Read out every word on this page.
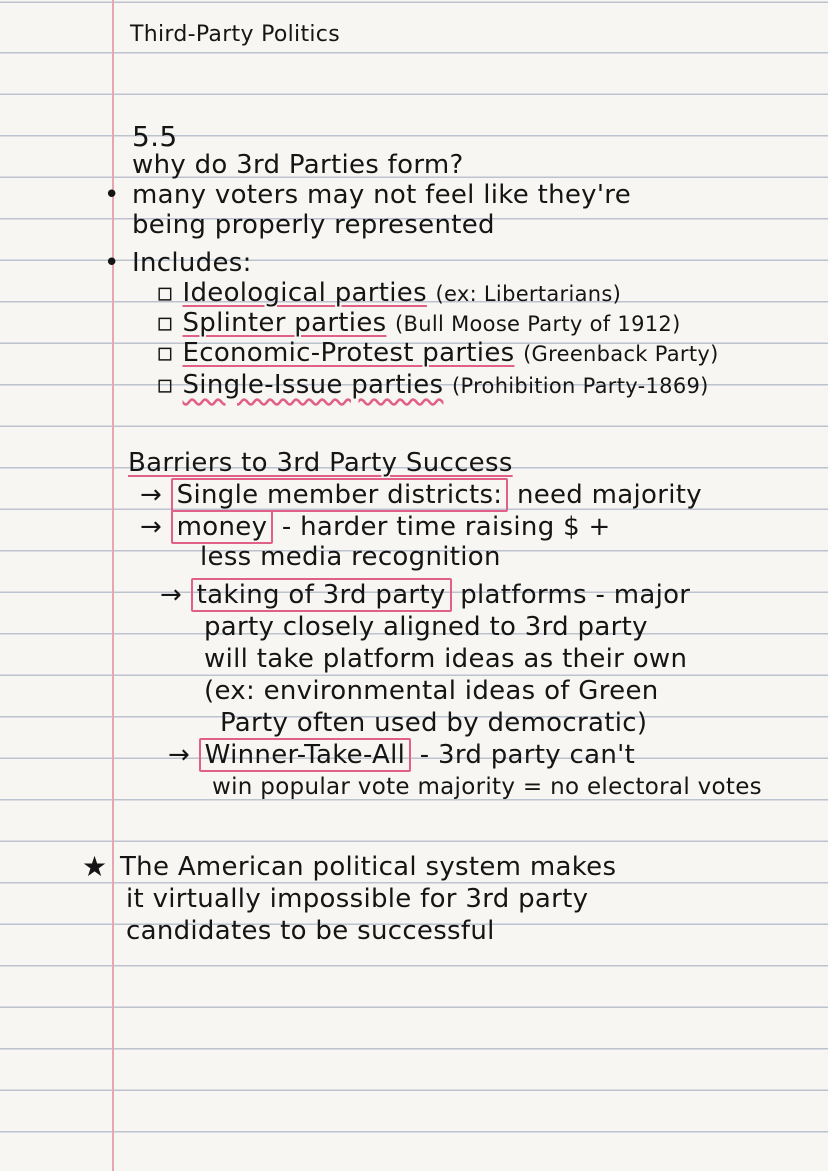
Third-Party Politics
5.5
why do 3rd Parties form?
• many voters may not feel like they're
being properly represented
• Includes:
▫ Ideological parties (ex: Libertarians)
▫ Splinter parties (Bull Moose Party of 1912)
▫ Economic-Protest parties (Greenback Party)
▫ Single-Issue parties (Prohibition Party-1869)
Barriers to 3rd Party Success
→ Single member districts: need majority
→ money - harder time raising $ +
less media recognition
→ taking of 3rd party platforms - major
party closely aligned to 3rd party
will take platform ideas as their own
(ex: environmental ideas of Green
Party often used by democratic)
→ Winner-Take-All - 3rd party can't
win popular vote majority = no electoral votes
★ The American political system makes
it virtually impossible for 3rd party
candidates to be successful
